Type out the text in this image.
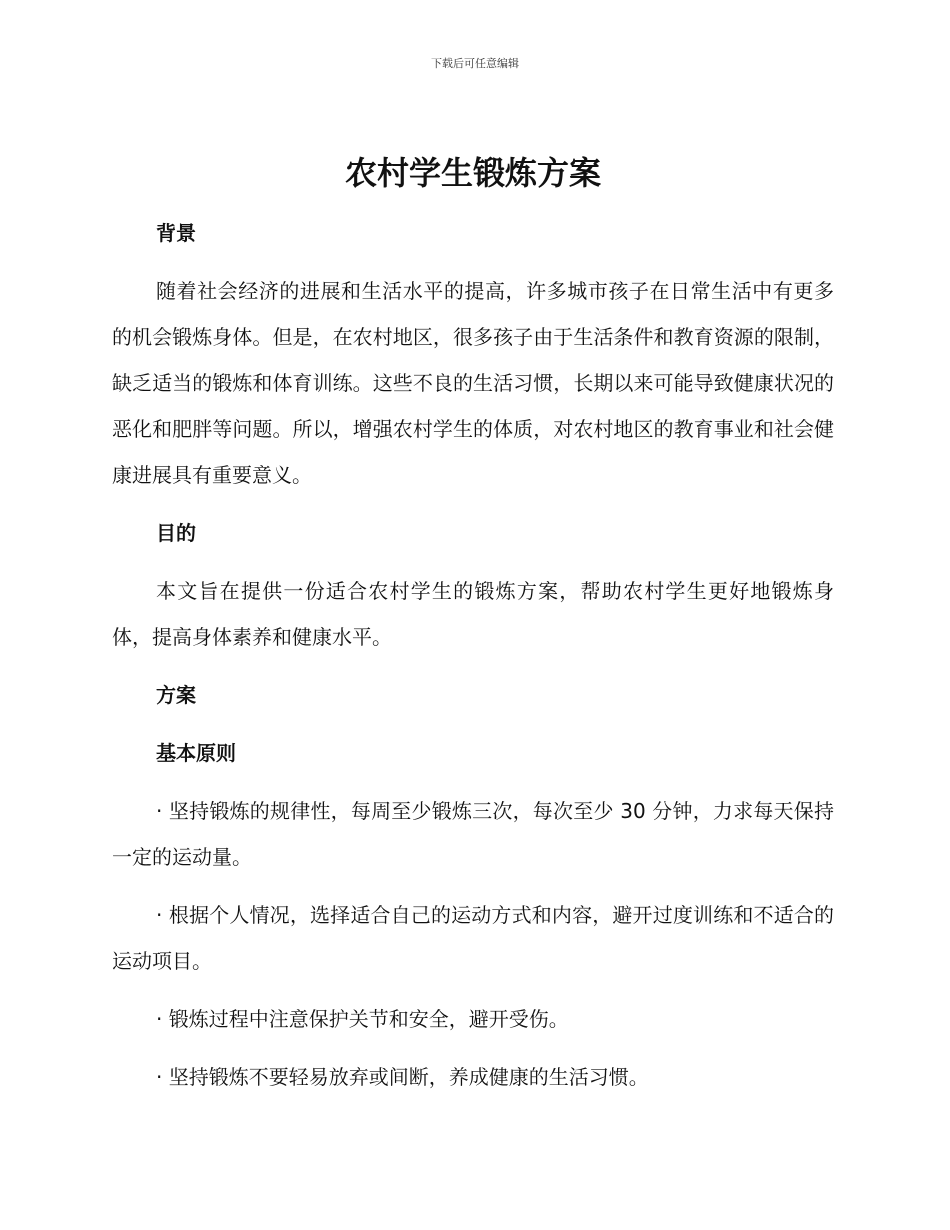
下载后可任意编辑
农村学生锻炼方案

背景

随着社会经济的进展和生活水平的提高，许多城市孩子在日常生活中有更多的机会锻炼身体。但是，在农村地区，很多孩子由于生活条件和教育资源的限制，缺乏适当的锻炼和体育训练。这些不良的生活习惯，长期以来可能导致健康状况的恶化和肥胖等问题。所以，增强农村学生的体质，对农村地区的教育事业和社会健康进展具有重要意义。

目的

本文旨在提供一份适合农村学生的锻炼方案，帮助农村学生更好地锻炼身体，提高身体素养和健康水平。

方案

基本原则

· 坚持锻炼的规律性，每周至少锻炼三次，每次至少 30 分钟，力求每天保持一定的运动量。

· 根据个人情况，选择适合自己的运动方式和内容，避开过度训练和不适合的运动项目。

· 锻炼过程中注意保护关节和安全，避开受伤。

· 坚持锻炼不要轻易放弃或间断，养成健康的生活习惯。
